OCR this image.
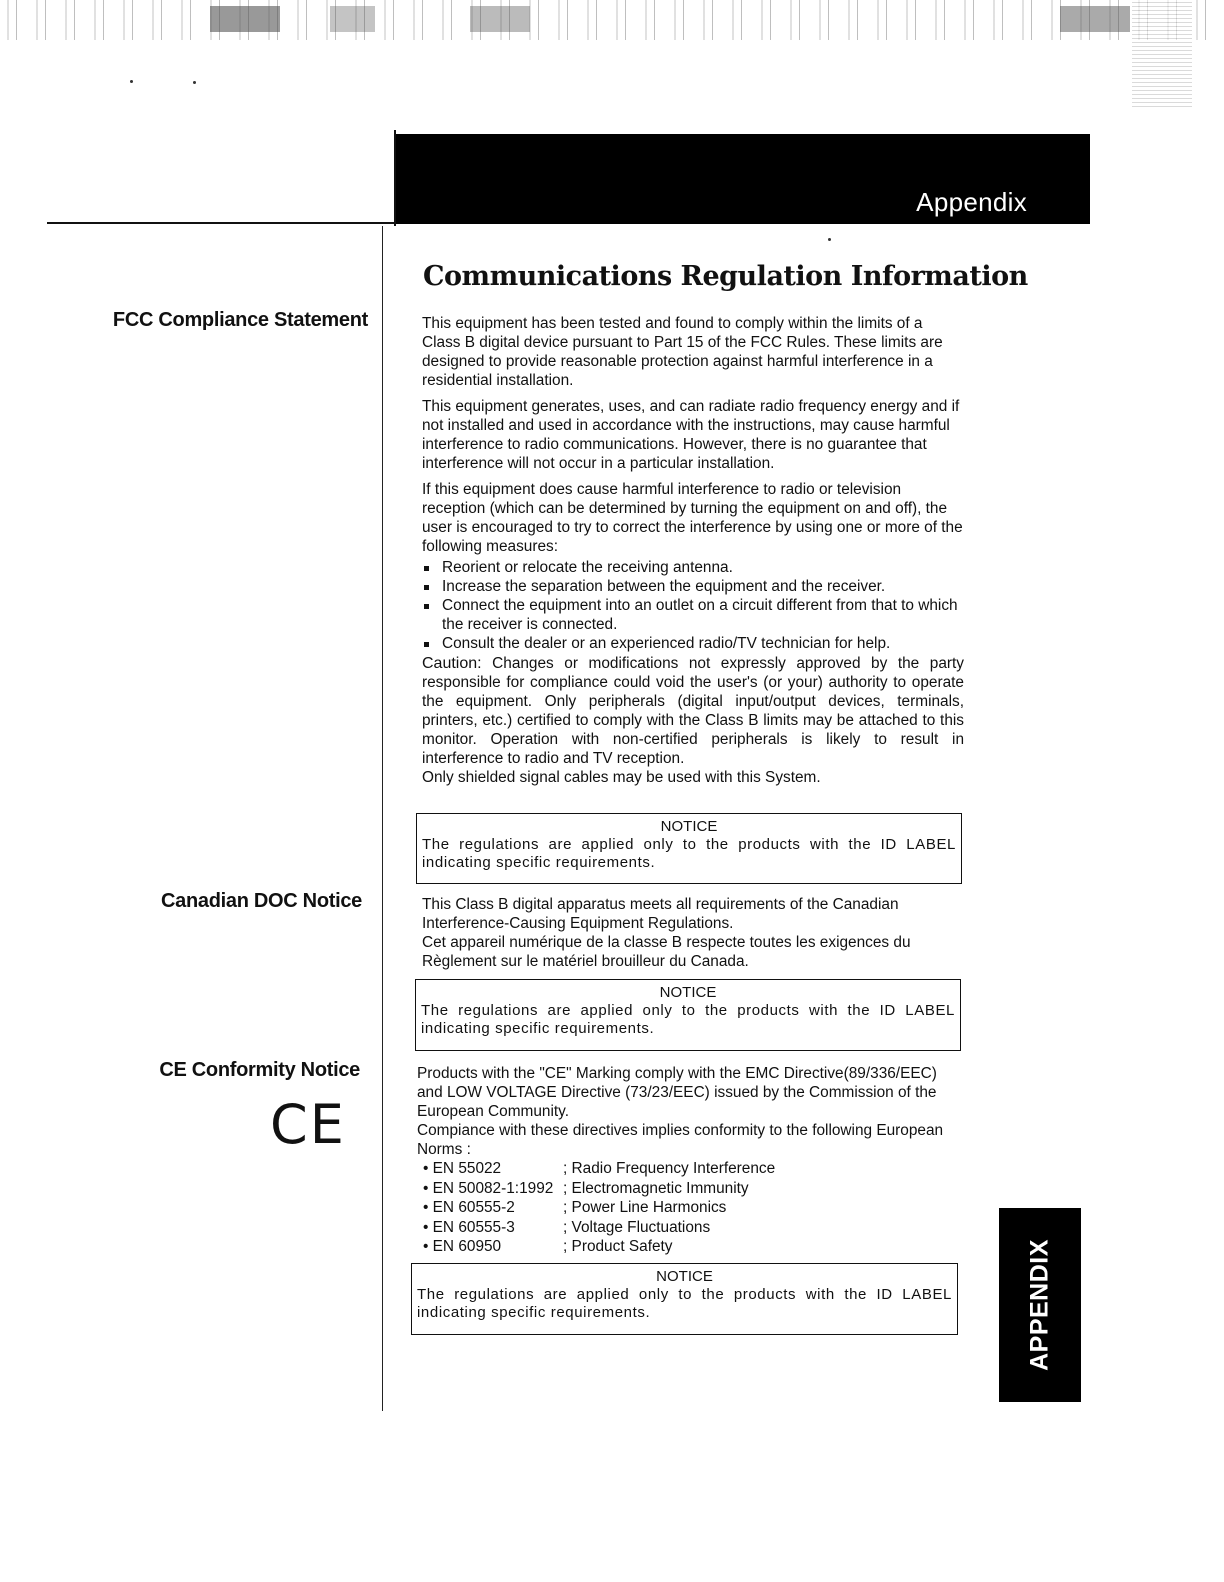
Appendix
Communications Regulation Information
FCC Compliance Statement	This equipment has been tested and found to comply within the limits of a Class B digital device pursuant to Part 15 of the FCC Rules. These limits are designed to provide reasonable protection against harmful interference in a residential installation.

This equipment generates, uses, and can radiate radio frequency energy and if not installed and used in accordance with the instructions, may cause harmful interference to radio communications. However, there is no guarantee that interference will not occur in a particular installation.

If this equipment does cause harmful interference to radio or television reception (which can be determined by turning the equipment on and off), the user is encouraged to try to correct the interference by using one or more of the following measures:

Reorient or relocate the receiving antenna.
Increase the separation between the equipment and the receiver.
Connect the equipment into an outlet on a circuit different from that to which the receiver is connected.
Consult the dealer or an experienced radio/TV technician for help.

Caution: Changes or modifications not expressly approved by the party responsible for compliance could void the user's (or your) authority to operate the equipment. Only peripherals (digital input/output devices, terminals, printers, etc.) certified to comply with the Class B limits may be attached to this monitor. Operation with non-certified peripherals is likely to result in interference to radio and TV reception.

Only shielded signal cables may be used with this System.

NOTICE
The regulations are applied only to the products with the ID LABEL indicating specific requirements.
Canadian DOC Notice	This Class B digital apparatus meets all requirements of the Canadian Interference-Causing Equipment Regulations.

Cet appareil numérique de la classe B respecte toutes les exigences du Règlement sur le matériel brouilleur du Canada.

NOTICE
The regulations are applied only to the products with the ID LABEL indicating specific requirements.
CE Conformity Notice
CE

Products with the "CE" Marking comply with the EMC Directive(89/336/EEC) and LOW VOLTAGE Directive (73/23/EEC) issued by the Commission of the European Community.

Compiance with these directives implies conformity to the following European Norms :

• EN 55022	; Radio Frequency Interference
• EN 50082-1:1992 ; Electromagnetic Immunity
• EN 60555-2	; Power Line Harmonics
• EN 60555-3	; Voltage Fluctuations
• EN 60950	; Product Safety
NOTICE
The regulations are applied only to the products with the ID LABEL indicating specific requirements.	APPENDIX
